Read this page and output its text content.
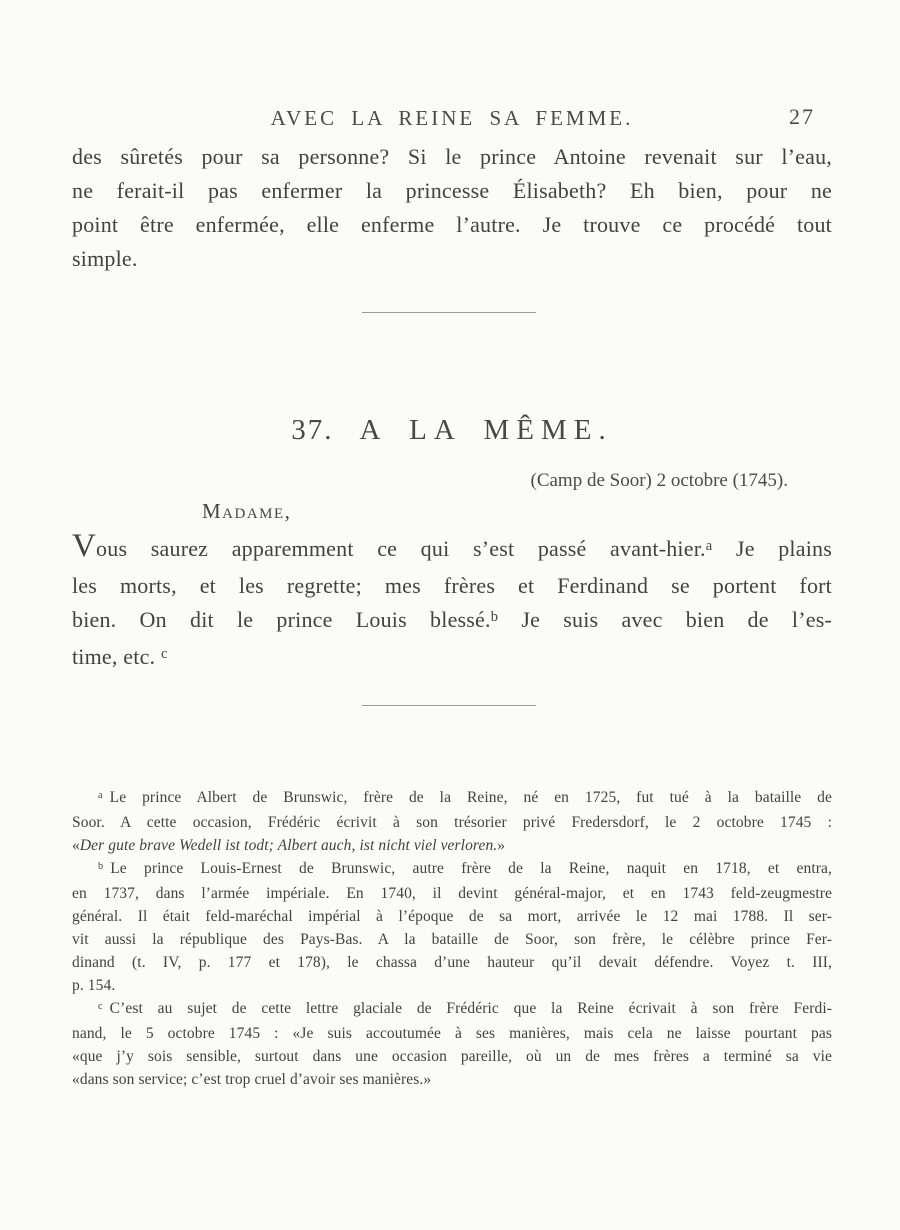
AVEC LA REINE SA FEMME.	27
des sûretés pour sa personne? Si le prince Antoine revenait sur l’eau,
ne ferait-il pas enfermer la princesse Élisabeth? Eh bien, pour ne
point être enfermée, elle enferme l’autre. Je trouve ce procédé tout
simple.
37. A LA MÊME.
(Camp de Soor) 2 octobre (1745).
Madame,
Vous saurez apparemment ce qui s’est passé avant-hier.$^a$ Je plains
les morts, et les regrette; mes frères et Ferdinand se portent fort
bien. On dit le prince Louis blessé.$^b$ Je suis avec bien de l’es-
time, etc. $^c$
$^a$ Le prince Albert de Brunswic, frère de la Reine, né en 1725, fut tué à la bataille de
Soor. A cette occasion, Frédéric écrivit à son trésorier privé Fredersdorf, le 2 octobre 1745 :
«Der gute brave Wedell ist todt; Albert auch, ist nicht viel verloren.»
$^b$ Le prince Louis-Ernest de Brunswic, autre frère de la Reine, naquit en 1718, et entra,
en 1737, dans l’armée impériale. En 1740, il devint général-major, et en 1743 feld-zeugmestre
général. Il était feld-maréchal impérial à l’époque de sa mort, arrivée le 12 mai 1788. Il ser-
vit aussi la république des Pays-Bas. A la bataille de Soor, son frère, le célèbre prince Fer-
dinand (t. IV, p. 177 et 178), le chassa d’une hauteur qu’il devait défendre. Voyez t. III,
p. 154.
$^c$ C’est au sujet de cette lettre glaciale de Frédéric que la Reine écrivait à son frère Ferdi-
nand, le 5 octobre 1745 : «Je suis accoutumée à ses manières, mais cela ne laisse pourtant pas
«que j’y sois sensible, surtout dans une occasion pareille, où un de mes frères a terminé sa vie
«dans son service; c’est trop cruel d’avoir ses manières.»
